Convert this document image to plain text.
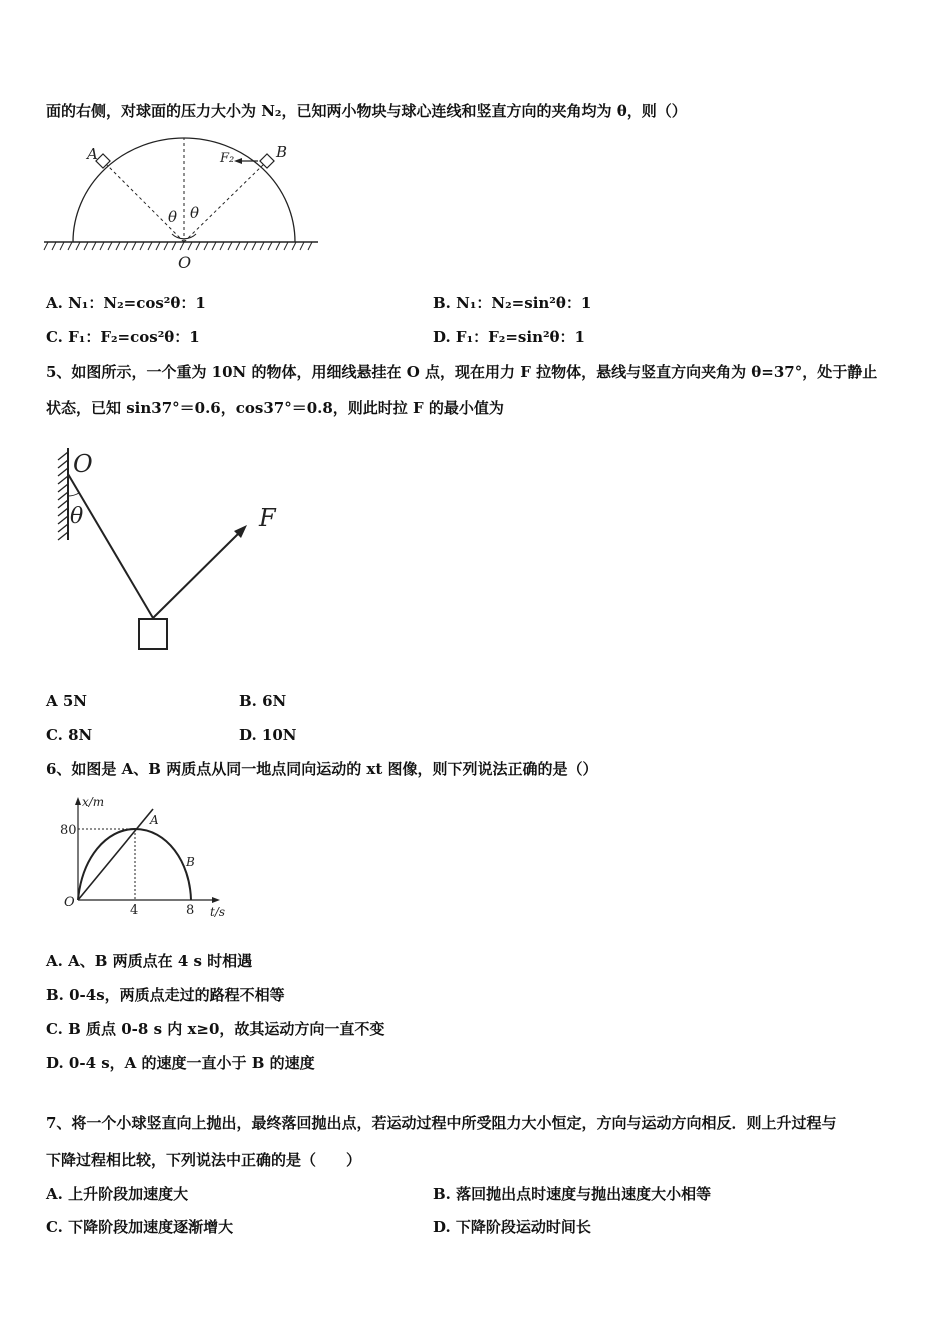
面的右侧，对球面的压力大小为 N₂，已知两小物块与球心连线和竖直方向的夹角均为 θ，则（）
A	B
F₂
θ θ
O
A. N₁：N₂=cos²θ：1	B. N₁：N₂=sin²θ：1
C. F₁：F₂=cos²θ：1	D. F₁：F₂=sin²θ：1
5、如图所示，一个重为 10N 的物体，用细线悬挂在 O 点，现在用力 F 拉物体，悬线与竖直方向夹角为 θ=37°，处于静止
状态，已知 sin37°＝0.6，cos37°＝0.8，则此时拉 F 的最小值为
O
θ	F
A 5N	B. 6N
C. 8N	D. 10N
6、如图是 A、B 两质点从同一地点同向运动的 xt 图像，则下列说法正确的是（）
x/m
t/s
O
80
4	8
A
B
A. A、B 两质点在 4 s 时相遇
B. 0-4s，两质点走过的路程不相等
C. B 质点 0-8 s 内 x≥0，故其运动方向一直不变
D. 0-4 s，A 的速度一直小于 B 的速度
7、将一个小球竖直向上抛出，最终落回抛出点，若运动过程中所受阻力大小恒定，方向与运动方向相反．则上升过程与
下降过程相比较，下列说法中正确的是（　　）
A. 上升阶段加速度大	B. 落回抛出点时速度与抛出速度大小相等
C. 下降阶段加速度逐渐增大	D. 下降阶段运动时间长
